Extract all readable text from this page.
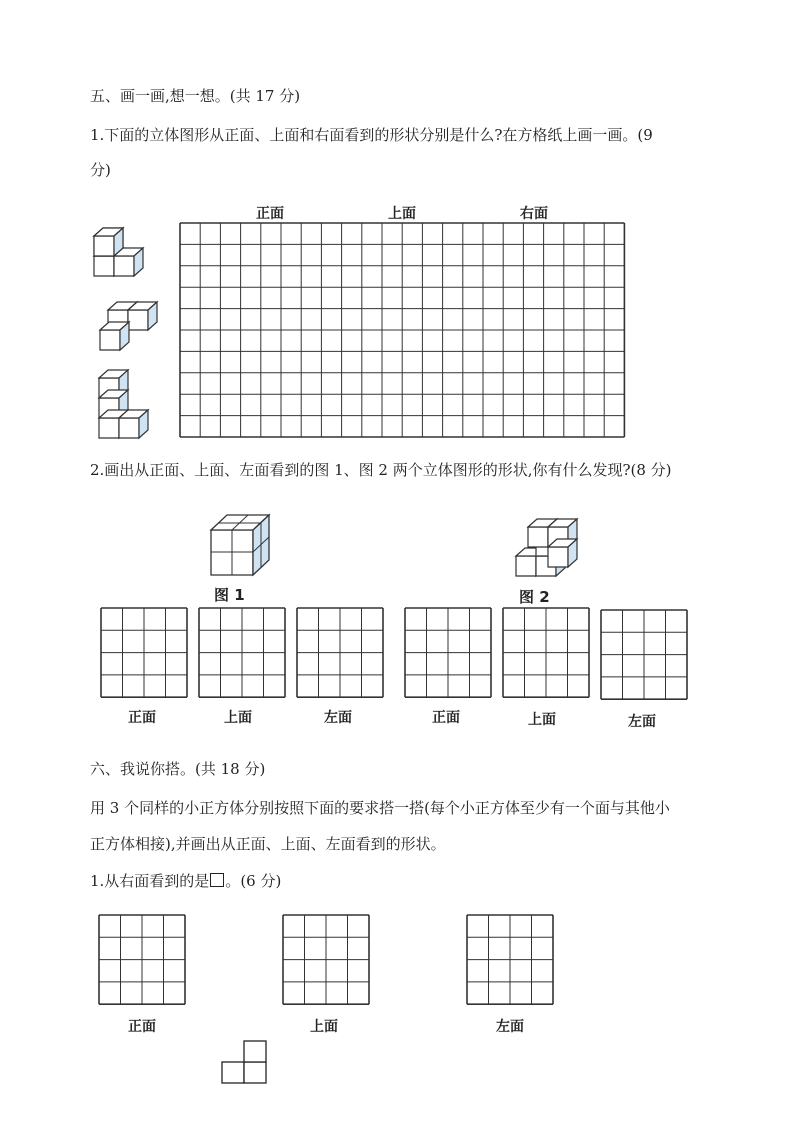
五、画一画,想一想。(共 17 分)
1.下面的立体图形从正面、上面和右面看到的形状分别是什么?在方格纸上画一画。(9
分)
正面	上面	右面
2.画出从正面、上面、左面看到的图 1、图 2 两个立体图形的形状,你有什么发现?(8 分)
图 1	图 2
正面	上面	左面	正面	上面	左面
六、我说你搭。(共 18 分)
用 3 个同样的小正方体分别按照下面的要求搭一搭(每个小正方体至少有一个面与其他小
正方体相接),并画出从正面、上面、左面看到的形状。
1.从右面看到的是 。(6 分)
正面	上面	左面
